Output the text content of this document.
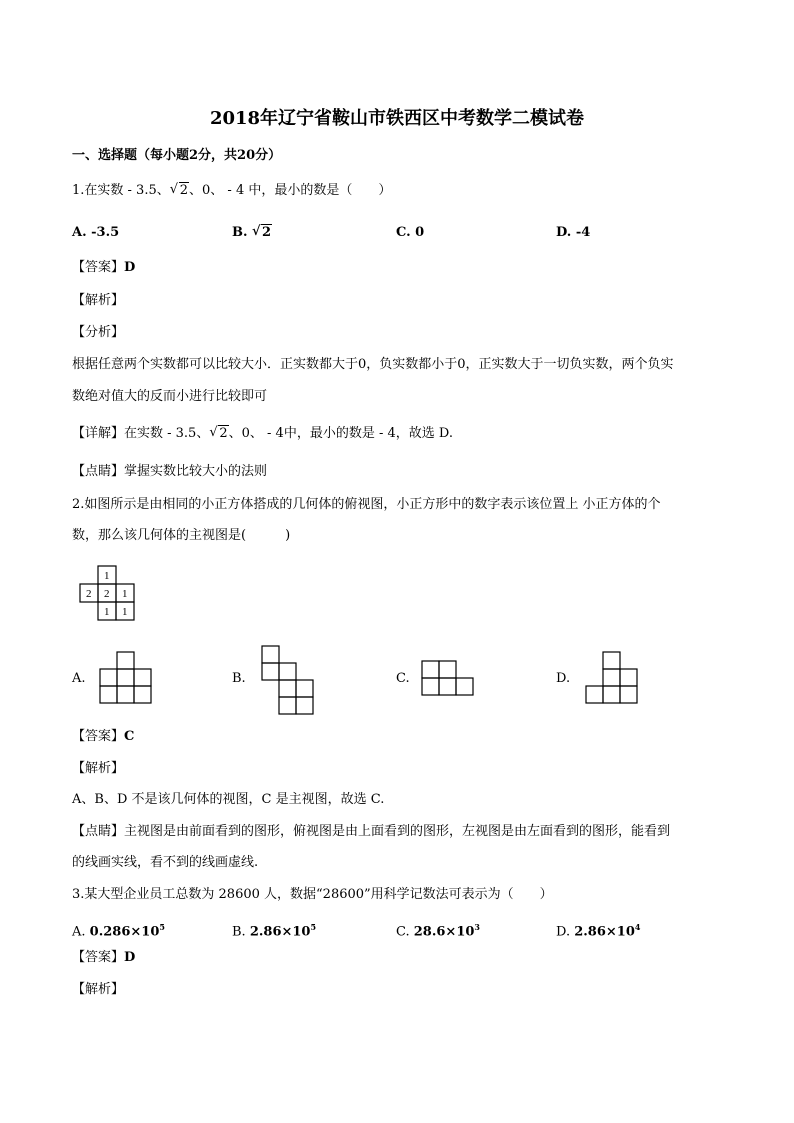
2018年辽宁省鞍山市铁西区中考数学二模试卷
一、选择题（每小题2分，共20分）
1.在实数 - 3.5、 √ 2、0、 - 4 中，最小的数是（　　）
A. -3.5	B. √ 2	C. 0	D. -4
【答案】D
【解析】
【分析】
根据任意两个实数都可以比较大小．正实数都大于0，负实数都小于0，正实数大于一切负实数，两个负实
数绝对值大的反而小进行比较即可
【详解】在实数 - 3.5、 √ 2、0、 - 4中，最小的数是 - 4，故选 D.
【点睛】掌握实数比较大小的法则
2.如图所示是由相同的小正方体搭成的几何体的俯视图，小正方形中的数字表示该位置上 小正方体的个
数，那么该几何体的主视图是(　　　)
1
2 2 1
1 1
A.	B.	C.	D.
【答案】C
【解析】
A、B、D 不是该几何体的视图，C 是主视图，故选 C.
【点睛】主视图是由前面看到的图形，俯视图是由上面看到的图形，左视图是由左面看到的图形，能看到
的线画实线，看不到的线画虚线.
3.某大型企业员工总数为 28600 人，数据“28600”用科学记数法可表示为（　　）
A. $0.286\times 10^5$	B. $2.86\times 10^5$	C. $28.6\times 10^3$	D. $2.86\times 10^4$
【答案】D
【解析】
